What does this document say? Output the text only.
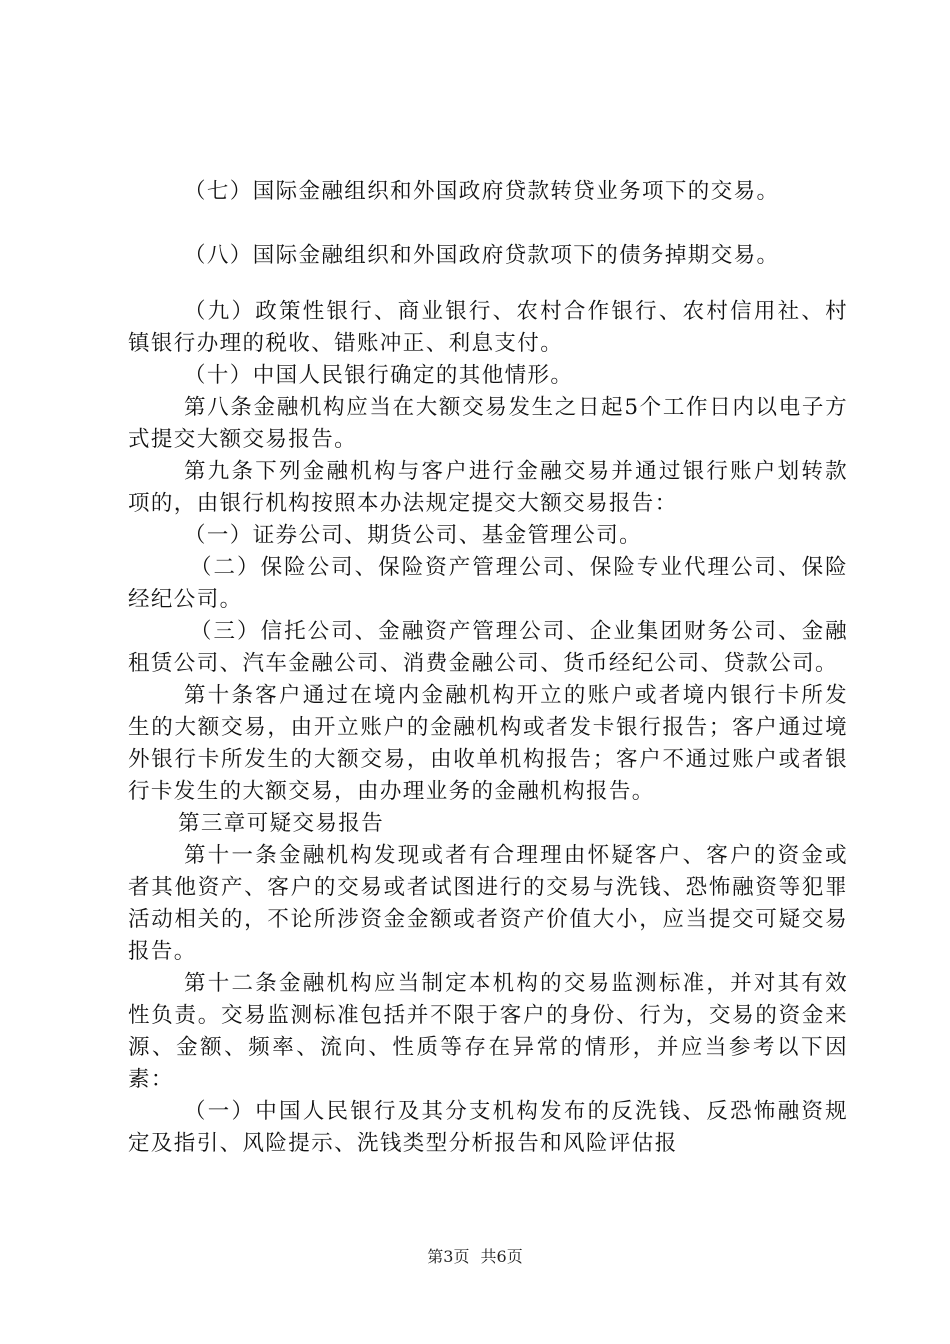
（七）国际金融组织和外国政府贷款转贷业务项下的交易。

（八）国际金融组织和外国政府贷款项下的债务掉期交易。

（九）政策性银行、商业银行、农村合作银行、农村信用社、村镇银行办理的税收、错账冲正、利息支付。

（十）中国人民银行确定的其他情形。

第八条金融机构应当在大额交易发生之日起5个工作日内以电子方式提交大额交易报告。

第九条下列金融机构与客户进行金融交易并通过银行账户划转款项的，由银行机构按照本办法规定提交大额交易报告：

（一）证券公司、期货公司、基金管理公司。

（二）保险公司、保险资产管理公司、保险专业代理公司、保险经纪公司。

（三）信托公司、金融资产管理公司、企业集团财务公司、金融租赁公司、汽车金融公司、消费金融公司、货币经纪公司、贷款公司。

第十条客户通过在境内金融机构开立的账户或者境内银行卡所发生的大额交易，由开立账户的金融机构或者发卡银行报告；客户通过境外银行卡所发生的大额交易，由收单机构报告；客户不通过账户或者银行卡发生的大额交易，由办理业务的金融机构报告。

第三章可疑交易报告

第十一条金融机构发现或者有合理理由怀疑客户、客户的资金或者其他资产、客户的交易或者试图进行的交易与洗钱、恐怖融资等犯罪活动相关的，不论所涉资金金额或者资产价值大小，应当提交可疑交易报告。

第十二条金融机构应当制定本机构的交易监测标准，并对其有效性负责。交易监测标准包括并不限于客户的身份、行为，交易的资金来源、金额、频率、流向、性质等存在异常的情形，并应当参考以下因素：

（一）中国人民银行及其分支机构发布的反洗钱、反恐怖融资规定及指引、风险提示、洗钱类型分析报告和风险评估报

第3页 共6页
